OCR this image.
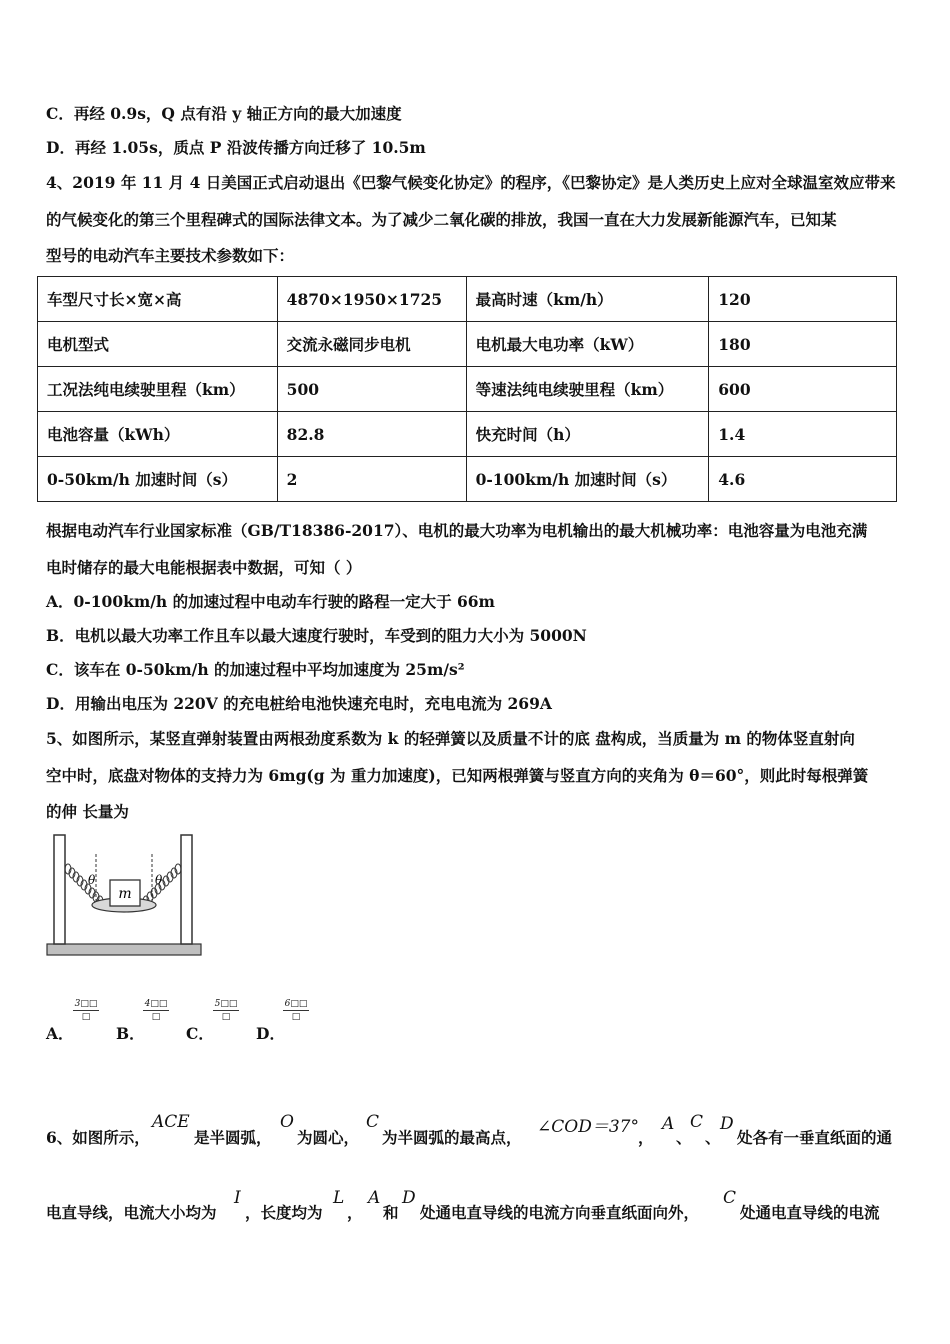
C．再经 0.9s，Q 点有沿 y 轴正方向的最大加速度
D．再经 1.05s，质点 P 沿波传播方向迁移了 10.5m
4、2019 年 11 月 4 日美国正式启动退出《巴黎气候变化协定》的程序，《巴黎协定》是人类历史上应对全球温室效应带来
的气候变化的第三个里程碑式的国际法律文本。为了减少二氧化碳的排放，我国一直在大力发展新能源汽车，已知某
型号的电动汽车主要技术参数如下：
车型尺寸长×宽×高	4870×1950×1725	最高时速（km/h）	120
电机型式	交流永磁同步电机	电机最大电功率（kW）	180
工况法纯电续驶里程（km）	500	等速法纯电续驶里程（km）	600
电池容量（kWh）	82.8	快充时间（h）	1.4
0-50km/h 加速时间（s）	2	0-100km/h 加速时间（s）	4.6
根据电动汽车行业国家标准（GB/T18386-2017）、电机的最大功率为电机输出的最大机械功率：电池容量为电池充满
电时储存的最大电能根据表中数据，可知（ ）
A．0-100km/h 的加速过程中电动车行驶的路程一定大于 66m
B．电机以最大功率工作且车以最大速度行驶时，车受到的阻力大小为 5000N
C．该车在 0-50km/h 的加速过程中平均加速度为 25m/s²
D．用输出电压为 220V 的充电桩给电池快速充电时，充电电流为 269A
5、如图所示，某竖直弹射装置由两根劲度系数为 k 的轻弹簧以及质量不计的底 盘构成，当质量为 m 的物体竖直射向
空中时，底盘对物体的支持力为 6mg(g 为 重力加速度)，已知两根弹簧与竖直方向的夹角为 θ＝60°，则此时每根弹簧
的伸 长量为
m
θ	θ
A．
3□□
□
B．
4□□
□
C．
5□□
□
D．
6□□
□
6、如图所示，
ACE
是半圆弧，
O
为圆心，
C
为半圆弧的最高点，
∠COD＝37°
，
A
、
C
、
D
处各有一垂直纸面的通
电直导线，电流大小均为
I
，长度均为
L
，
A
和
D
处通电直导线的电流方向垂直纸面向外，
C
处通电直导线的电流
